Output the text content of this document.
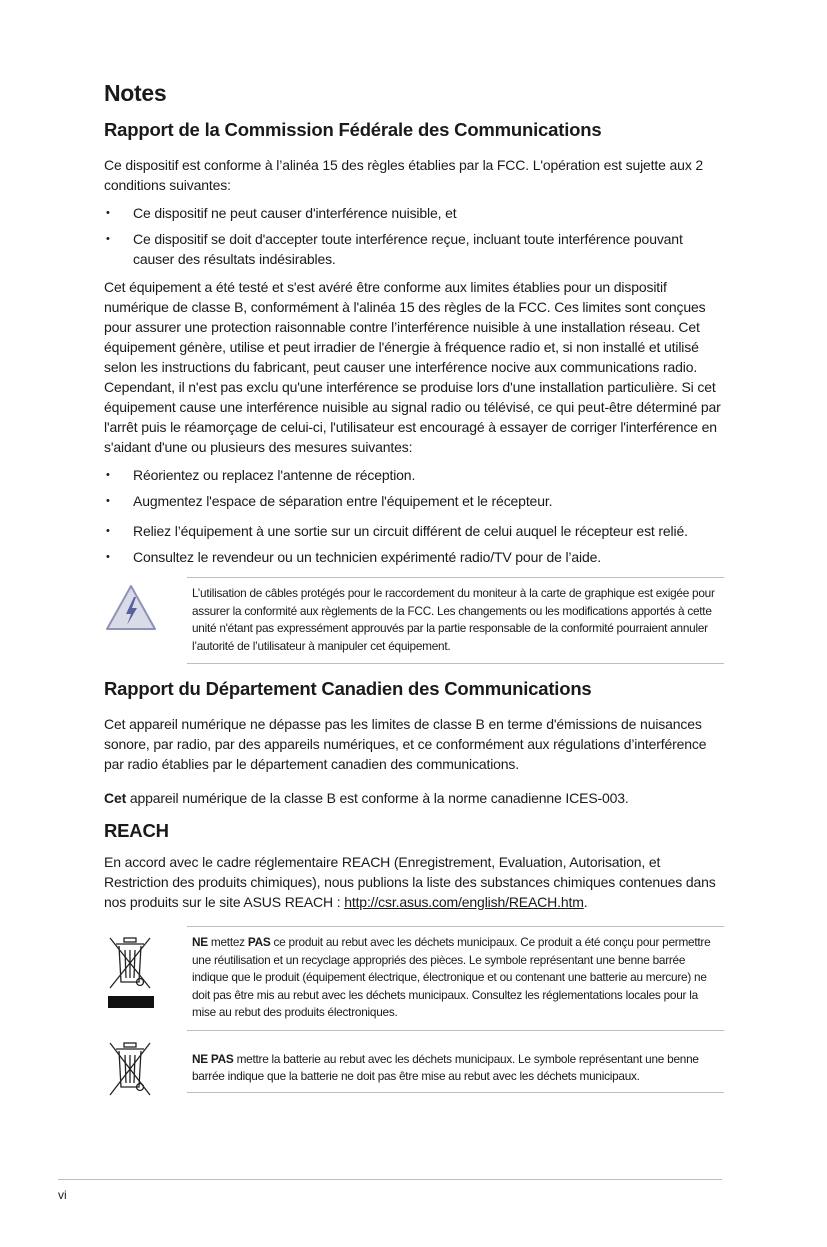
Notes
Rapport de la Commission Fédérale des Communications

Ce dispositif est conforme à l’alinéa 15 des règles établies par la FCC. L'opération est sujette aux 2 conditions suivantes:

• Ce dispositif ne peut causer d'interférence nuisible, et
• Ce dispositif se doit d'accepter toute interférence reçue, incluant toute interférence pouvant causer des résultats indésirables.

Cet équipement a été testé et s'est avéré être conforme aux limites établies pour un dispositif numérique de classe B, conformément à l'alinéa 15 des règles de la FCC. Ces limites sont conçues pour assurer une protection raisonnable contre l’interférence nuisible à une installation réseau. Cet équipement génère, utilise et peut irradier de l'énergie à fréquence radio et, si non installé et utilisé selon les instructions du fabricant, peut causer une interférence nocive aux communications radio. Cependant, il n'est pas exclu qu'une interférence se produise lors d'une installation particulière. Si cet équipement cause une interférence nuisible au signal radio ou télévisé, ce qui peut-être déterminé par l'arrêt puis le réamorçage de celui-ci, l'utilisateur est encouragé à essayer de corriger l'interférence en s'aidant d'une ou plusieurs des mesures suivantes:

• Réorientez ou replacez l'antenne de réception.
• Augmentez l'espace de séparation entre l'équipement et le récepteur.
• Reliez l’équipement à une sortie sur un circuit différent de celui auquel le récepteur est relié.
• Consultez le revendeur ou un technicien expérimenté radio/TV pour de l’aide.
L’utilisation de câbles protégés pour le raccordement du moniteur à la carte de graphique est exigée pour assurer la conformité aux règlements de la FCC. Les changements ou les modifications apportés à cette unité n'étant pas expressément approuvés par la partie responsable de la conformité pourraient annuler l’autorité de l’utilisateur à manipuler cet équipement.
Rapport du Département Canadien des Communications

Cet appareil numérique ne dépasse pas les limites de classe B en terme d'émissions de nuisances sonore, par radio, par des appareils numériques, et ce conformément aux régulations d’interférence par radio établies par le département canadien des communications.

Cet appareil numérique de la classe B est conforme à la norme canadienne ICES-003.

REACH

En accord avec le cadre réglementaire REACH (Enregistrement, Evaluation, Autorisation, et Restriction des produits chimiques), nous publions la liste des substances chimiques contenues dans nos produits sur le site ASUS REACH : http://csr.asus.com/english/REACH.htm.

NE mettez PAS ce produit au rebut avec les déchets municipaux. Ce produit a été conçu pour permettre une réutilisation et un recyclage appropriés des pièces. Le symbole représentant une benne barrée indique que le produit (équipement électrique, électronique et ou contenant une batterie au mercure) ne doit pas être mis au rebut avec les déchets municipaux. Consultez les réglementations locales pour la mise au rebut des produits électroniques.
NE PAS mettre la batterie au rebut avec les déchets municipaux. Le symbole représentant une benne barrée indique que la batterie ne doit pas être mise au rebut avec les déchets municipaux.
vi
